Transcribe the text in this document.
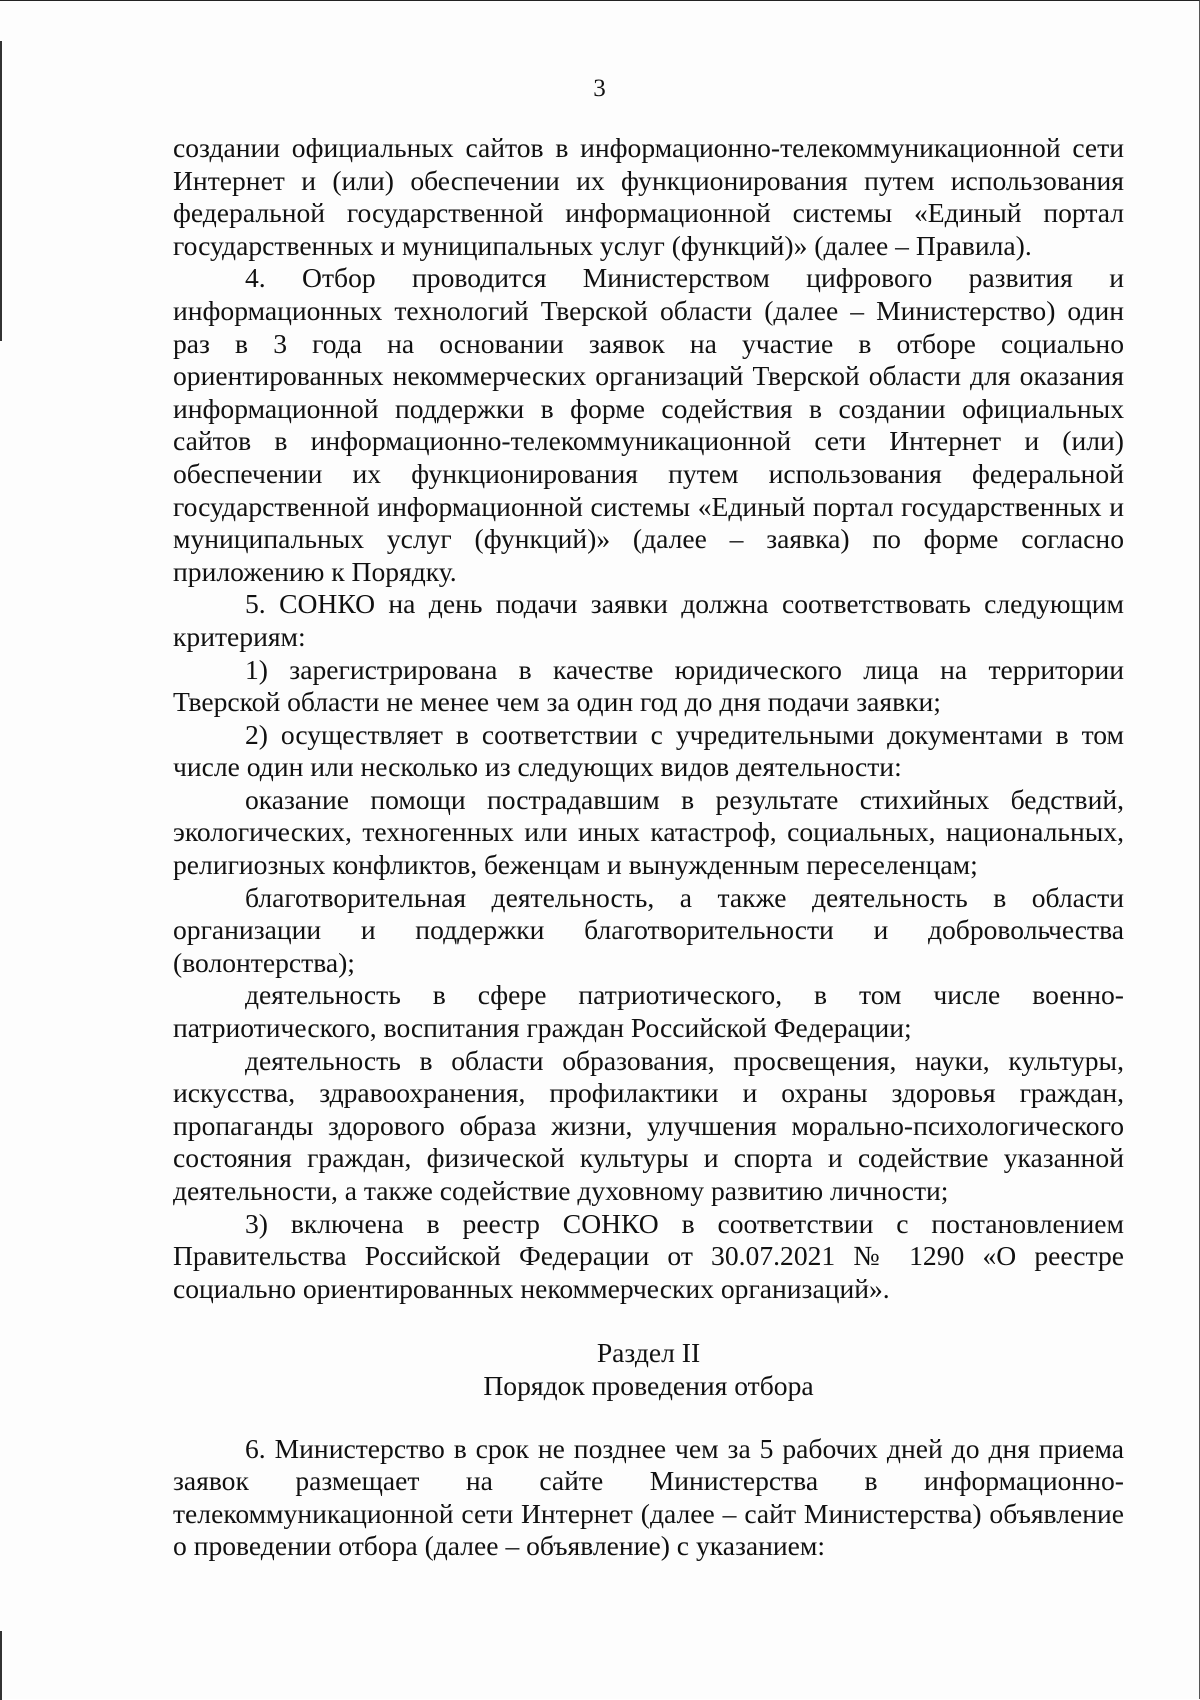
3

создании официальных сайтов в информационно-телекоммуникационной сети Интернет и (или) обеспечении их функционирования путем использования федеральной государственной информационной системы «Единый портал государственных и муниципальных услуг (функций)» (далее – Правила).

4. Отбор проводится Министерством цифрового развития и информационных технологий Тверской области (далее – Министерство) один раз в 3 года на основании заявок на участие в отборе социально ориентированных некоммерческих организаций Тверской области для оказания информационной поддержки в форме содействия в создании официальных сайтов в информационно-телекоммуникационной сети Интернет и (или) обеспечении их функционирования путем использования федеральной государственной информационной системы «Единый портал государственных и муниципальных услуг (функций)» (далее – заявка) по форме согласно приложению к Порядку.

5. СОНКО на день подачи заявки должна соответствовать следующим критериям:

1) зарегистрирована в качестве юридического лица на территории Тверской области не менее чем за один год до дня подачи заявки;

2) осуществляет в соответствии с учредительными документами в том числе один или несколько из следующих видов деятельности:

оказание помощи пострадавшим в результате стихийных бедствий, экологических, техногенных или иных катастроф, социальных, национальных, религиозных конфликтов, беженцам и вынужденным переселенцам;

благотворительная деятельность, а также деятельность в области организации и поддержки благотворительности и добровольчества (волонтерства);

деятельность в сфере патриотического, в том числе военно-патриотического, воспитания граждан Российской Федерации;

деятельность в области образования, просвещения, науки, культуры, искусства, здравоохранения, профилактики и охраны здоровья граждан, пропаганды здорового образа жизни, улучшения морально-психологического состояния граждан, физической культуры и спорта и содействие указанной деятельности, а также содействие духовному развитию личности;

3) включена в реестр СОНКО в соответствии с постановлением Правительства Российской Федерации от 30.07.2021 № 1290 «О реестре социально ориентированных некоммерческих организаций».

Раздел II

Порядок проведения отбора

6. Министерство в срок не позднее чем за 5 рабочих дней до дня приема заявок размещает на сайте Министерства в информационно-телекоммуникационной сети Интернет (далее – сайт Министерства) объявление о проведении отбора (далее – объявление) с указанием:
